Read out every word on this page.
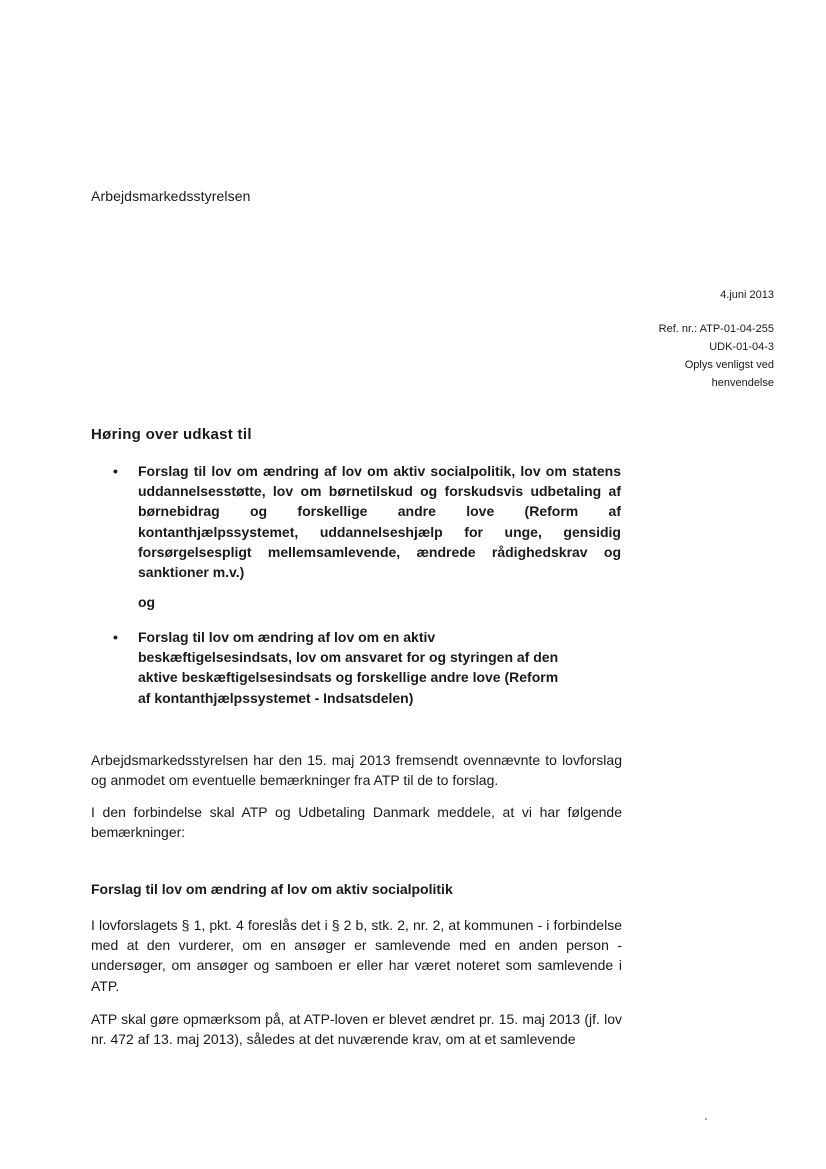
Arbejdsmarkedsstyrelsen
4.juni 2013
Ref. nr.: ATP-01-04-255
UDK-01-04-3
Oplys venligst ved
henvendelse
Høring over udkast til
• Forslag til lov om ændring af lov om aktiv socialpolitik, lov om statens uddannelsesstøtte, lov om børnetilskud og forskudsvis udbetaling af børnebidrag og forskellige andre love (Reform af kontanthjælpssystemet, uddannelseshjælp for unge, gensidig forsørgelsespligt mellemsamlevende, ændrede rådighedskrav og sanktioner m.v.)
og
• Forslag til lov om ændring af lov om en aktiv beskæftigelsesindsats, lov om ansvaret for og styringen af den aktive beskæftigelsesindsats og forskellige andre love (Reform af kontanthjælpssystemet - Indsatsdelen)
Arbejdsmarkedsstyrelsen har den 15. maj 2013 fremsendt ovennævnte to lovforslag og anmodet om eventuelle bemærkninger fra ATP til de to forslag.
I den forbindelse skal ATP og Udbetaling Danmark meddele, at vi har følgende bemærkninger:
Forslag til lov om ændring af lov om aktiv socialpolitik
I lovforslagets § 1, pkt. 4 foreslås det i § 2 b, stk. 2, nr. 2, at kommunen - i forbindelse med at den vurderer, om en ansøger er samlevende med en anden person - undersøger, om ansøger og samboen er eller har været noteret som samlevende i ATP.
ATP skal gøre opmærksom på, at ATP-loven er blevet ændret pr. 15. maj 2013 (jf. lov nr. 472 af 13. maj 2013), således at det nuværende krav, om at et samlevende
